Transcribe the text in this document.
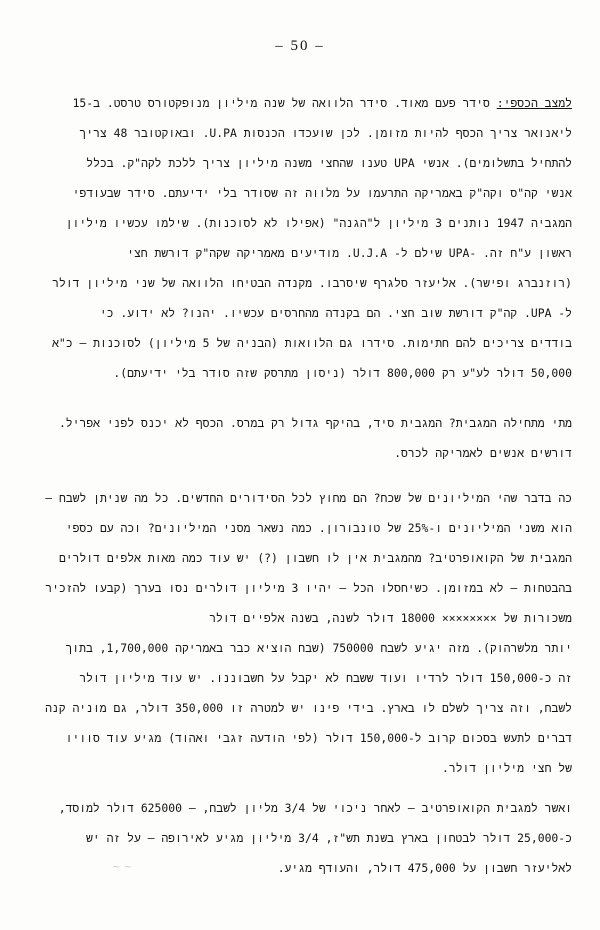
– 50 –
למצב הכספי: סידר פעם מאוד. סידר הלוואה של שנה מיליון מנופקטורס טרסט. ב-15
ליאנואר צריך הכסף להיות מזומן. לכן שועכדו הכנסות U.PA. ובאוקטובר 48 צריך
להתחיל בתשלומים). אנשי UPA טענו שהחצי משנה מיליון צריך ללכת לקה"ק. בכלל
אנשי קה"ס וקה"ק באמריקה התרעמו על מלווה זה שסודר בלי ידיעתם. סידר שבעודפי
המגביה 1947 נותנים 3 מיליון ל"הגנה" (אפילו לא לסוכנות). שילמו עכשיו מיליון
ראשון ע"ח זה. -UPA שילם ל- U.J.A. מודיעים מאמריקה שקה"ק דורשת חצי
(רוזנברג ופישר). אליעזר סלגרף שיסרבו. מקנדה הבטיחו הלוואה של שני מיליון דולר
ל- UPA. קה"ק דורשת שוב חצי. הם בקנדה מהחרסים עכשיו. יהנו? לא ידוע. כי
בודדים צריכים להם חתימות. סידרו גם הלוואות (הבניה של 5 מיליון) לסוכנות – כ"א
50,000 דולר לע"ע רק 800,000 דולר (ניסון מתרסק שזה סודר בלי ידיעתם).
מתי מתחילה המגבית? המגבית סיד, בהיקף גדול רק במרס. הכסף לא יכנס לפני אפריל.
דורשים אנשים לאמריקה לכרס.
כה בדבר שהי המיליונים של שכח? הם מחוץ לכל הסידורים החדשים. כל מה שניתן לשבח –
הוא משני המיליונים ו-25% של טונבורון. כמה נשאר מסני המיליונים? וכה עם כספי
המגבית של הקואופרטיב? מהמגבית אין לו חשבון (?) יש עוד כמה מאות אלפים דולרים
בהבטחות – לא במזומן. כשיחסלו הכל – יהיו 3 מיליון דולרים נסו בערך (קבעו להזכיר
משכורות של ×××××××× 18000 דולר לשנה, בשנה אלפיים דולר
יותר מלשרהוק). מזה יגיע לשבח 750000 (שבח הוציא כבר באמריקה 1,700,000, בתוך
זה כ-150,000 דולר לרדיו ועוד ששבח לא יקבל על חשבוננו. יש עוד מיליון דולר
לשבח, וזה צריך לשלם לו בארץ. בידי פינו יש למטרה זו 350,000 דולר, גם מוניה קנה
דברים לתעש בסכום קרוב ל-150,000 דולר (לפי הודעה זגבי ואהוד) מגיע עוד סוויו
של חצי מיליון דולר.
ואשר למגבית הקואופרטיב – לאחר ניכוי של 3/4 מליון לשבח, – 625000 דולר למוסד,
כ-25,000 דולר לבטחון בארץ בשנת תש"ז, 3/4 מיליון מגיע לאירופה – על זה יש
לאליעזר חשבון על 475,000 דולר, והעודף מגיע.
~ ~
